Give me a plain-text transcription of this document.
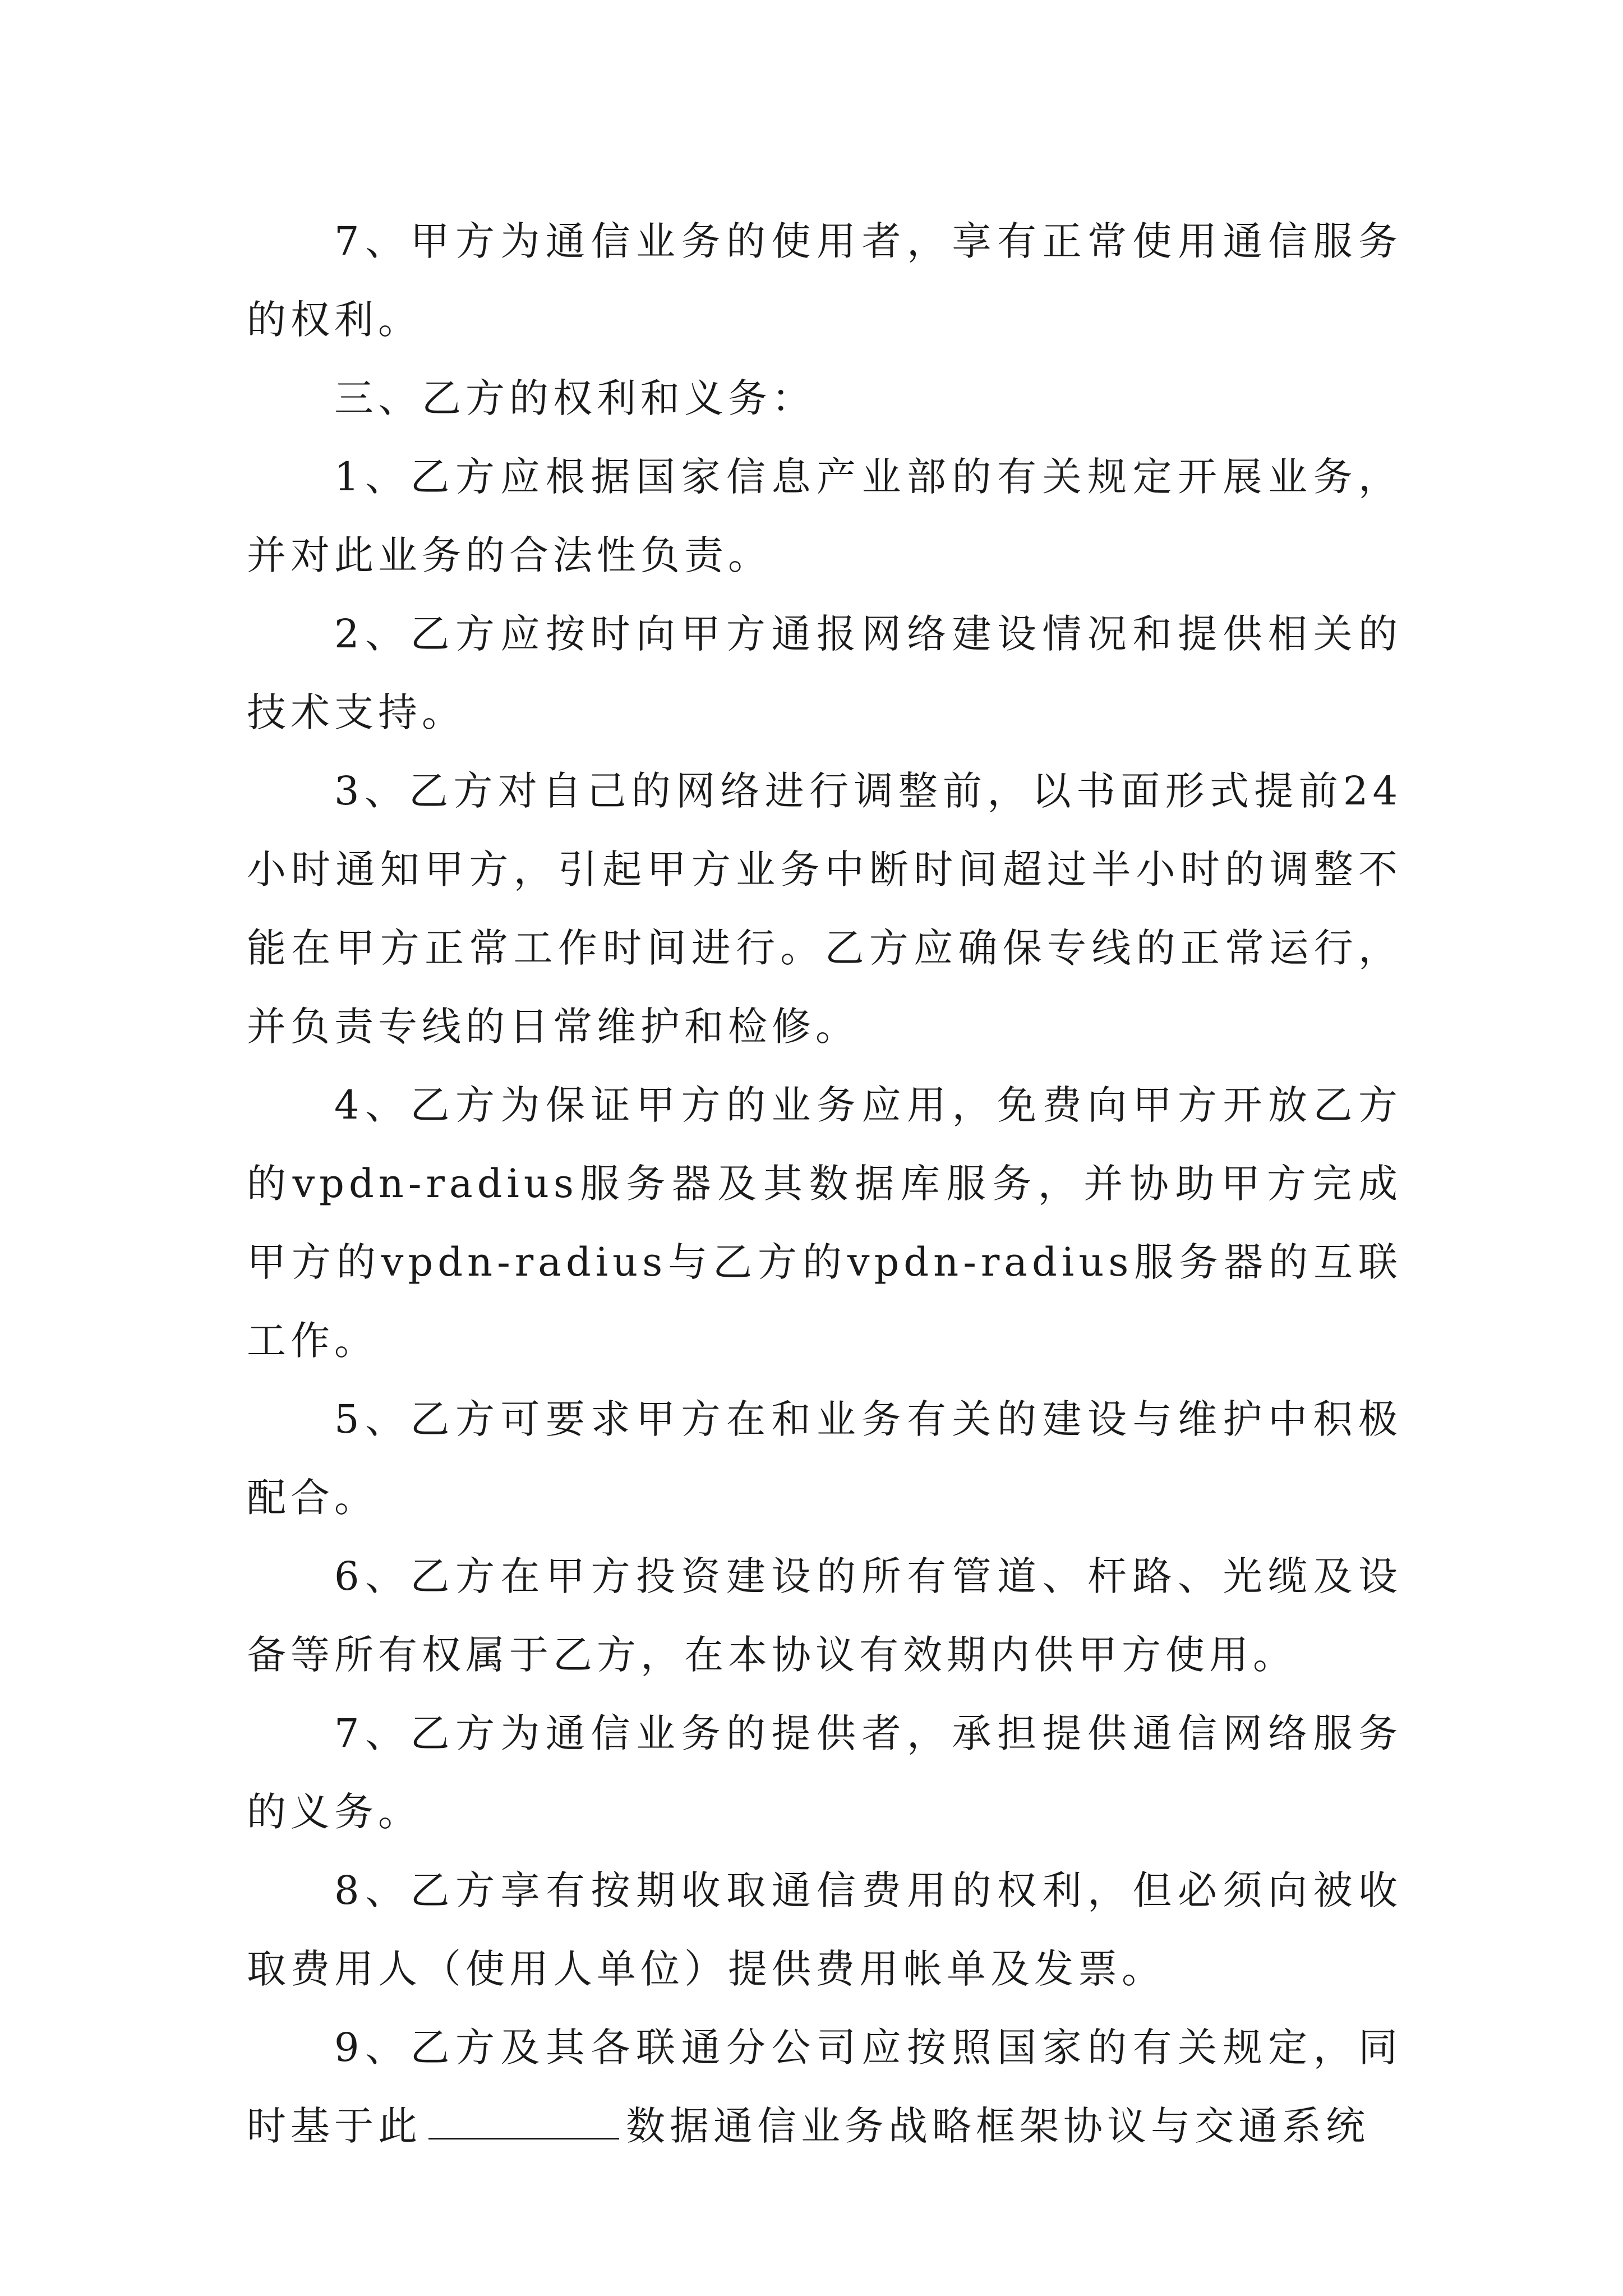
7、甲方为通信业务的使用者，享有正常使用通信服务的权利。

三、乙方的权利和义务：

1、乙方应根据国家信息产业部的有关规定开展业务，并对此业务的合法性负责。

2、乙方应按时向甲方通报网络建设情况和提供相关的技术支持。

3、乙方对自己的网络进行调整前，以书面形式提前24小时通知甲方，引起甲方业务中断时间超过半小时的调整不能在甲方正常工作时间进行。乙方应确保专线的正常运行，并负责专线的日常维护和检修。

4、乙方为保证甲方的业务应用，免费向甲方开放乙方的vpdn-radius服务器及其数据库服务，并协助甲方完成甲方的vpdn-radius与乙方的vpdn-radius服务器的互联工作。

5、乙方可要求甲方在和业务有关的建设与维护中积极配合。

6、乙方在甲方投资建设的所有管道、杆路、光缆及设备等所有权属于乙方，在本协议有效期内供甲方使用。

7、乙方为通信业务的提供者，承担提供通信网络服务的义务。

8、乙方享有按期收取通信费用的权利，但必须向被收取费用人（使用人单位）提供费用帐单及发票。

9、乙方及其各联通分公司应按照国家的有关规定，同时基于此	数据通信业务战略框架协议与交通系统
